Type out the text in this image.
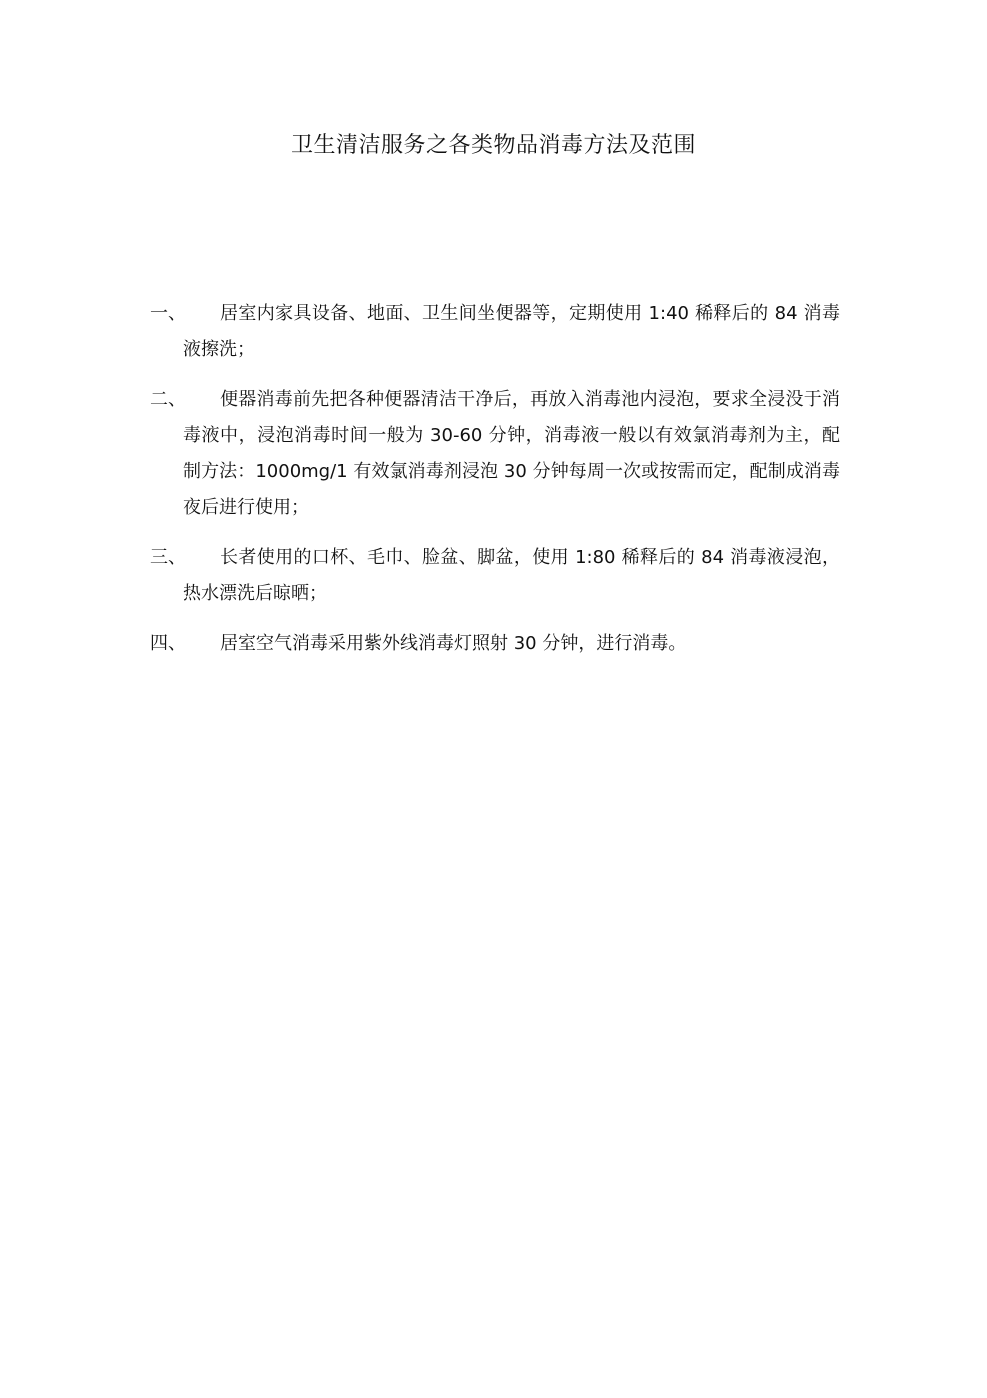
卫生清洁服务之各类物品消毒方法及范围
一、 居室内家具设备、地面、卫生间坐便器等，定期使用 1:40 稀释后的 84 消毒液擦洗；
二、 便器消毒前先把各种便器清洁干净后，再放入消毒池内浸泡，要求全浸没于消毒液中，浸泡消毒时间一般为 30-60 分钟，消毒液一般以有效氯消毒剂为主，配制方法：1000mg/1 有效氯消毒剂浸泡 30 分钟每周一次或按需而定，配制成消毒夜后进行使用；
三、 长者使用的口杯、毛巾、脸盆、脚盆，使用 1:80 稀释后的 84 消毒液浸泡，热水漂洗后晾晒；
四、 居室空气消毒采用紫外线消毒灯照射 30 分钟，进行消毒。
